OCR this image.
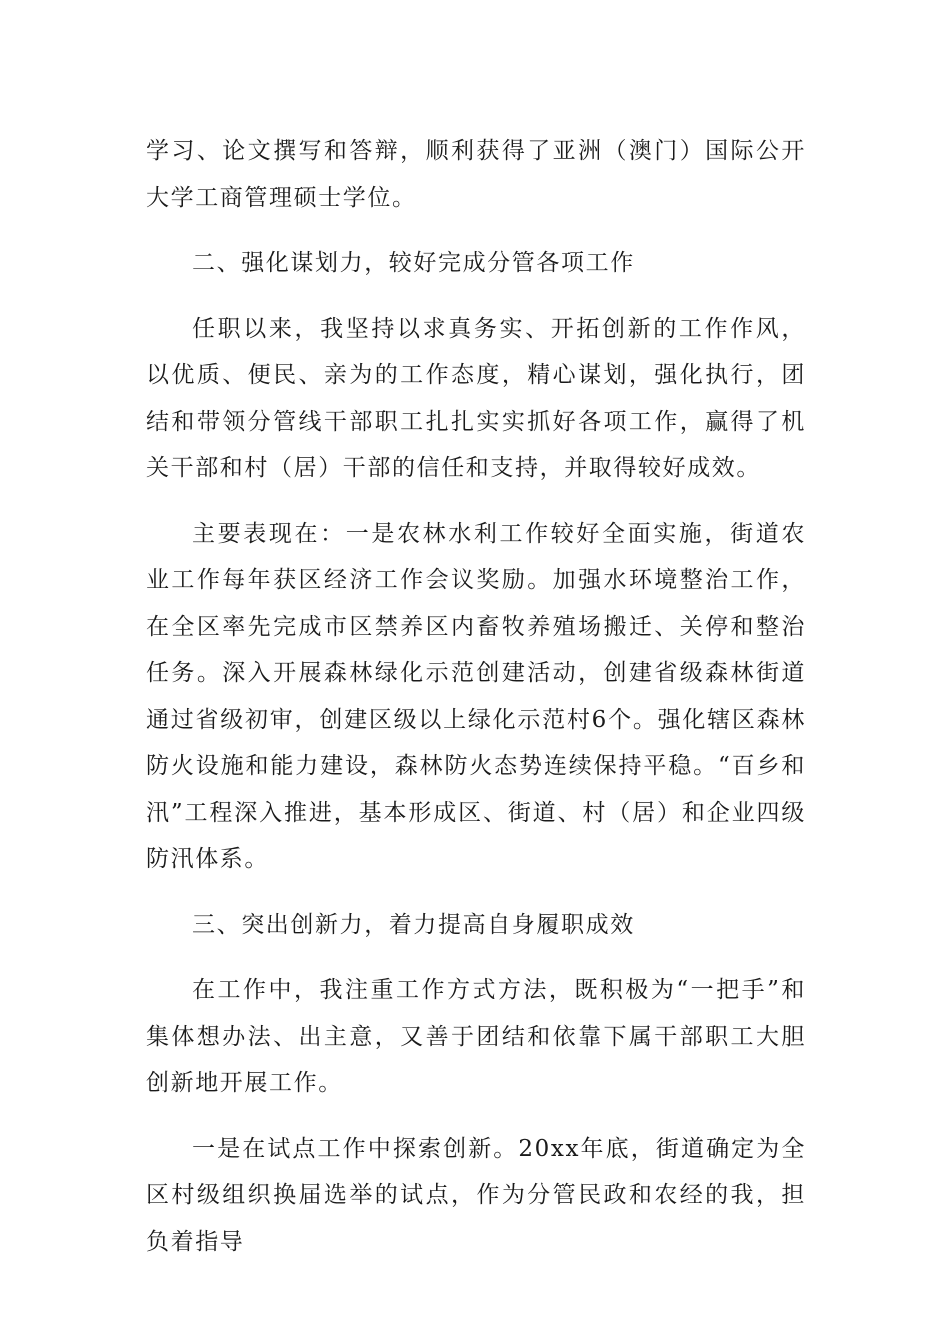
学习、论文撰写和答辩，顺利获得了亚洲（澳门）国际公开大学工商管理硕士学位。

二、强化谋划力，较好完成分管各项工作

任职以来，我坚持以求真务实、开拓创新的工作作风，以优质、便民、亲为的工作态度，精心谋划，强化执行，团结和带领分管线干部职工扎扎实实抓好各项工作，赢得了机关干部和村（居）干部的信任和支持，并取得较好成效。

主要表现在：一是农林水利工作较好全面实施，街道农业工作每年获区经济工作会议奖励。加强水环境整治工作，在全区率先完成市区禁养区内畜牧养殖场搬迁、关停和整治任务。深入开展森林绿化示范创建活动，创建省级森林街道通过省级初审，创建区级以上绿化示范村6个。强化辖区森林防火设施和能力建设，森林防火态势连续保持平稳。“百乡和汛”工程深入推进，基本形成区、街道、村（居）和企业四级防汛体系。

三、突出创新力，着力提高自身履职成效

在工作中，我注重工作方式方法，既积极为“一把手”和集体想办法、出主意，又善于团结和依靠下属干部职工大胆创新地开展工作。

一是在试点工作中探索创新。20xx年底，街道确定为全区村级组织换届选举的试点，作为分管民政和农经的我，担负着指导
